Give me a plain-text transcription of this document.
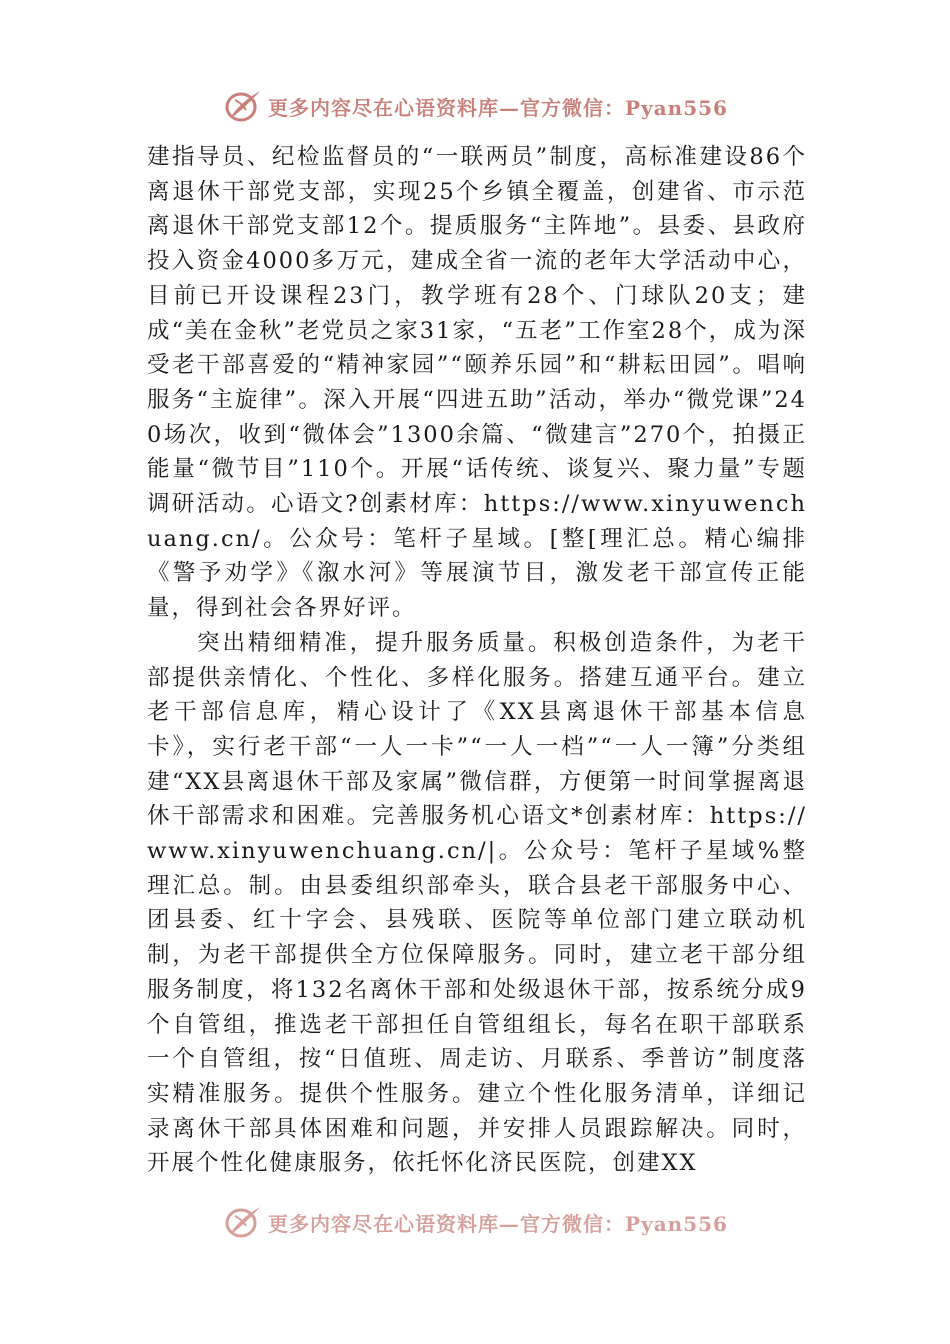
更多内容尽在心语资料库—官方微信：Pyan556

建指导员、纪检监督员的“一联两员”制度，高标准建设86个离退休干部党支部，实现25个乡镇全覆盖，创建省、市示范离退休干部党支部12个。提质服务“主阵地”。县委、县政府投入资金4000多万元，建成全省一流的老年大学活动中心，目前已开设课程23门，教学班有28个、门球队20支；建成“美在金秋”老党员之家31家，“五老”工作室28个，成为深受老干部喜爱的“精神家园”“颐养乐园”和“耕耘田园”。唱响服务“主旋律”。深入开展“四进五助”活动，举办“微党课”240场次，收到“微体会”1300余篇、“微建言”270个，拍摄正能量“微节目”110个。开展“话传统、谈复兴、聚力量”专题调研活动。心语文?创素材库：https://www.xinyuwenchuang.cn/。公众号：笔杆子星域。[整[理汇总。精心编排《警予劝学》《溆水河》等展演节目，激发老干部宣传正能量，得到社会各界好评。

突出精细精准，提升服务质量。积极创造条件，为老干部提供亲情化、个性化、多样化服务。搭建互通平台。建立老干部信息库，精心设计了《XX县离退休干部基本信息卡》，实行老干部“一人一卡”“一人一档”“一人一簿”分类组建“XX县离退休干部及家属”微信群，方便第一时间掌握离退休干部需求和困难。完善服务机心语文*创素材库：https://www.xinyuwenchuang.cn/|。公众号：笔杆子星域%整理汇总。制。由县委组织部牵头，联合县老干部服务中心、团县委、红十字会、县残联、医院等单位部门建立联动机制，为老干部提供全方位保障服务。同时，建立老干部分组服务制度，将132名离休干部和处级退休干部，按系统分成9个自管组，推选老干部担任自管组组长，每名在职干部联系一个自管组，按“日值班、周走访、月联系、季普访”制度落实精准服务。提供个性服务。建立个性化服务清单，详细记录离休干部具体困难和问题，并安排人员跟踪解决。同时，开展个性化健康服务，依托怀化济民医院，创建XX

更多内容尽在心语资料库—官方微信：Pyan556
